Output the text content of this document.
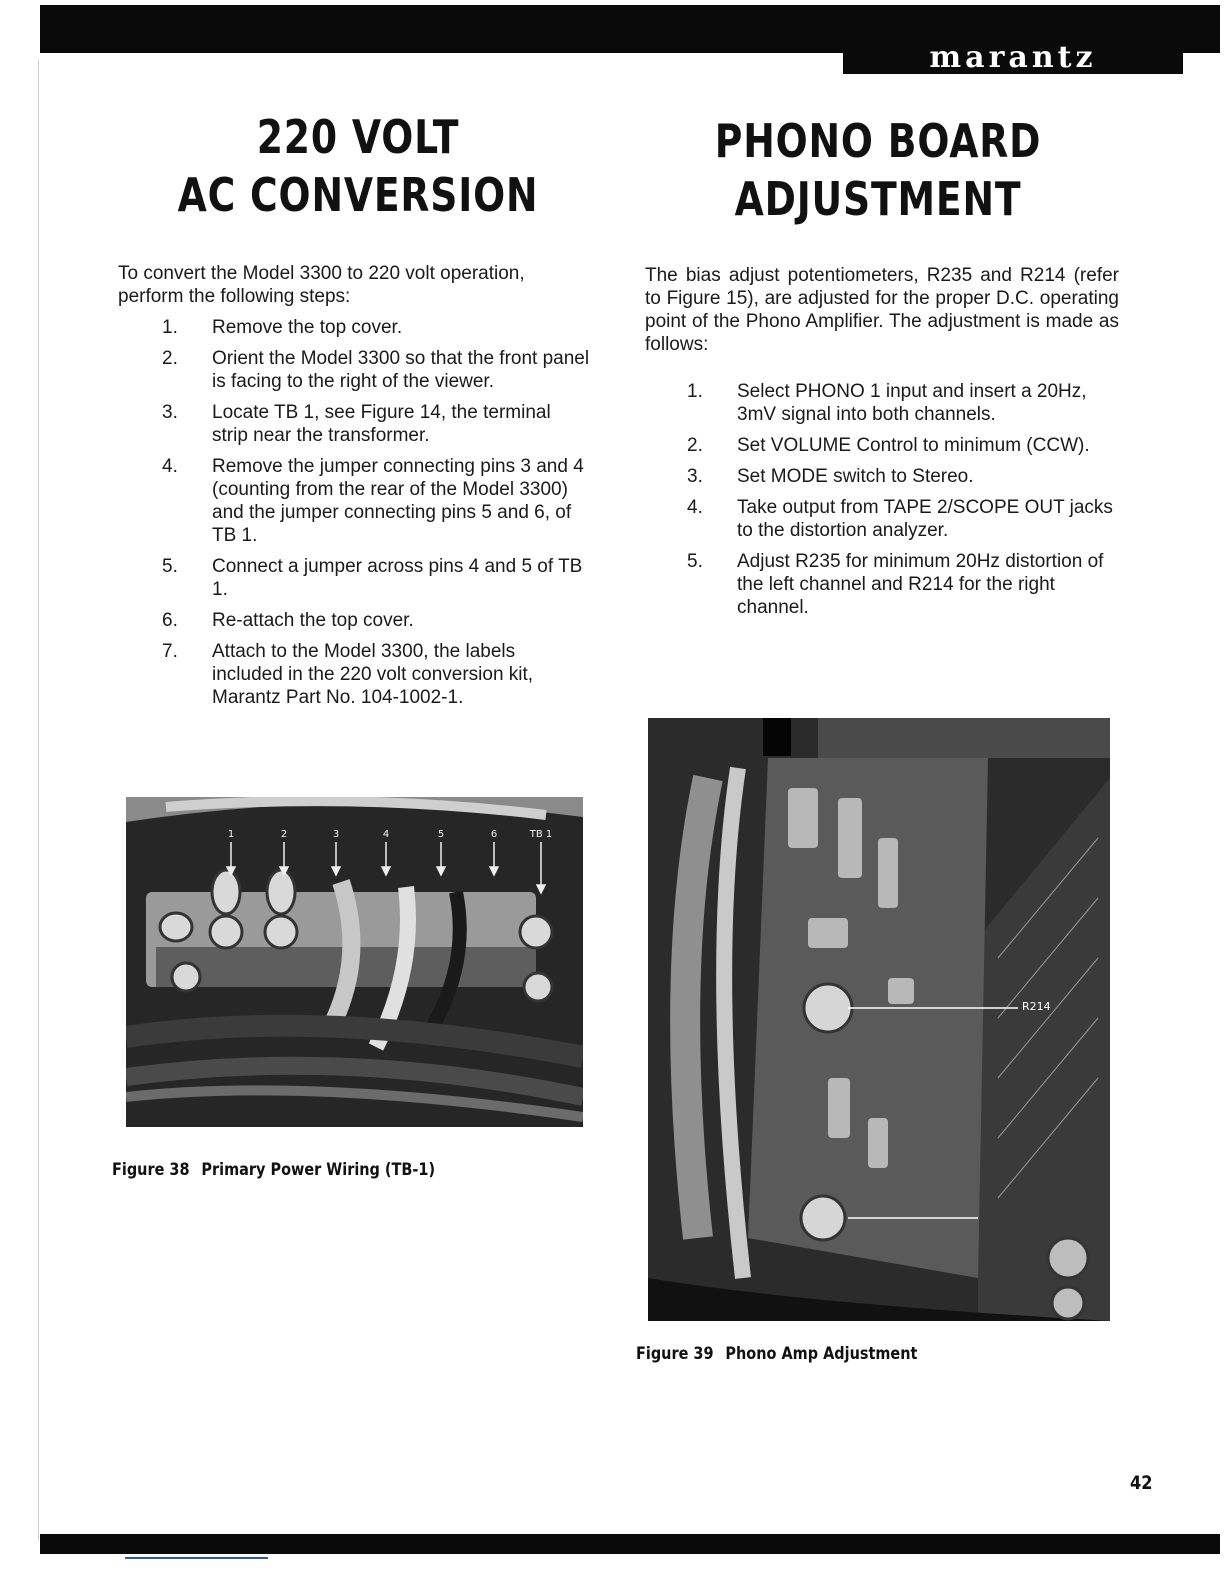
marantz
220 VOLT
AC CONVERSION
PHONO BOARD
ADJUSTMENT

To convert the Model 3300 to 220 volt operation, perform the following steps:

1.	Remove the top cover.
2.	Orient the Model 3300 so that the front panel is facing to the right of the viewer.
3.	Locate TB 1, see Figure 14, the terminal strip near the transformer.
4.	Remove the jumper connecting pins 3 and 4 (counting from the rear of the Model 3300) and the jumper connecting pins 5 and 6, of TB 1.
5.	Connect a jumper across pins 4 and 5 of TB 1.
6.	Re-attach the top cover.
7.	Attach to the Model 3300, the labels included in the 220 volt conversion kit, Marantz Part No. 104-1002-1.

The bias adjust potentiometers, R235 and R214 (refer to Figure 15), are adjusted for the proper D.C. operating point of the Phono Amplifier. The adjustment is made as follows:

1.	Select PHONO 1 input and insert a 20Hz, 3mV signal into both channels.
2.	Set VOLUME Control to minimum (CCW).
3.	Set MODE switch to Stereo.
4.	Take output from TAPE 2/SCOPE OUT jacks to the distortion analyzer.
5.	Adjust R235 for minimum 20Hz distortion of the left channel and R214 for the right channel.
1	2	3	4	5	6	TB 1
Figure 38 Primary Power Wiring (TB-1)
R214
Figure 39 Phono Amp Adjustment
42
